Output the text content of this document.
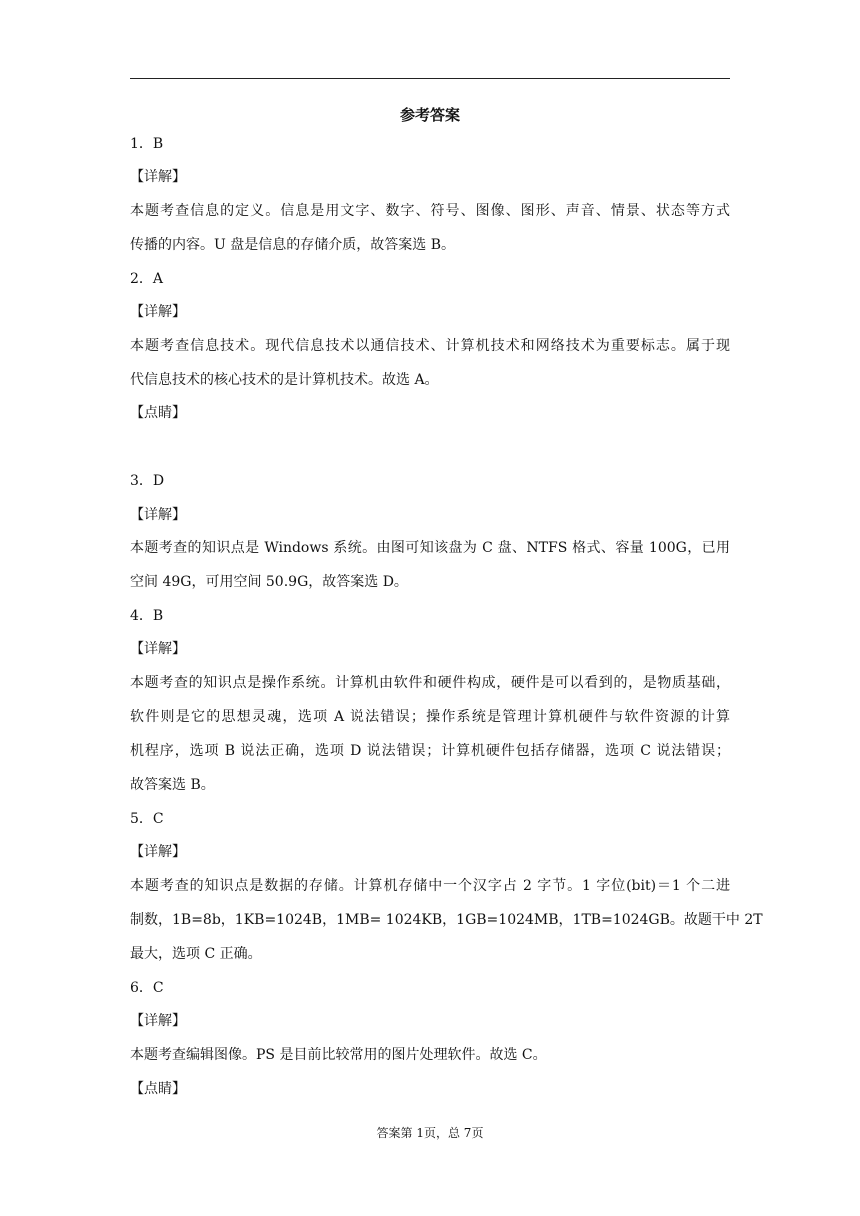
参考答案
1．B
【详解】
本题考查信息的定义。信息是用文字、数字、符号、图像、图形、声音、情景、状态等方式
传播的内容。U 盘是信息的存储介质，故答案选 B。
2．A
【详解】
本题考查信息技术。现代信息技术以通信技术、计算机技术和网络技术为重要标志。属于现
代信息技术的核心技术的是计算机技术。故选 A。
【点睛】
3．D
【详解】
本题考查的知识点是 Windows 系统。由图可知该盘为 C 盘、NTFS 格式、容量 100G，已用
空间 49G，可用空间 50.9G，故答案选 D。
4．B
【详解】
本题考查的知识点是操作系统。计算机由软件和硬件构成，硬件是可以看到的，是物质基础，
软件则是它的思想灵魂，选项 A 说法错误；操作系统是管理计算机硬件与软件资源的计算
机程序，选项 B 说法正确，选项 D 说法错误；计算机硬件包括存储器，选项 C 说法错误；
故答案选 B。
5．C
【详解】
本题考查的知识点是数据的存储。计算机存储中一个汉字占 2 字节。1 字位(bit)＝1 个二进
制数，1B=8b，1KB=1024B，1MB= 1024KB，1GB=1024MB，1TB=1024GB。故题干中 2T
最大，选项 C 正确。
6．C
【详解】
本题考查编辑图像。PS 是目前比较常用的图片处理软件。故选 C。
【点睛】
答案第 1页，总 7页
